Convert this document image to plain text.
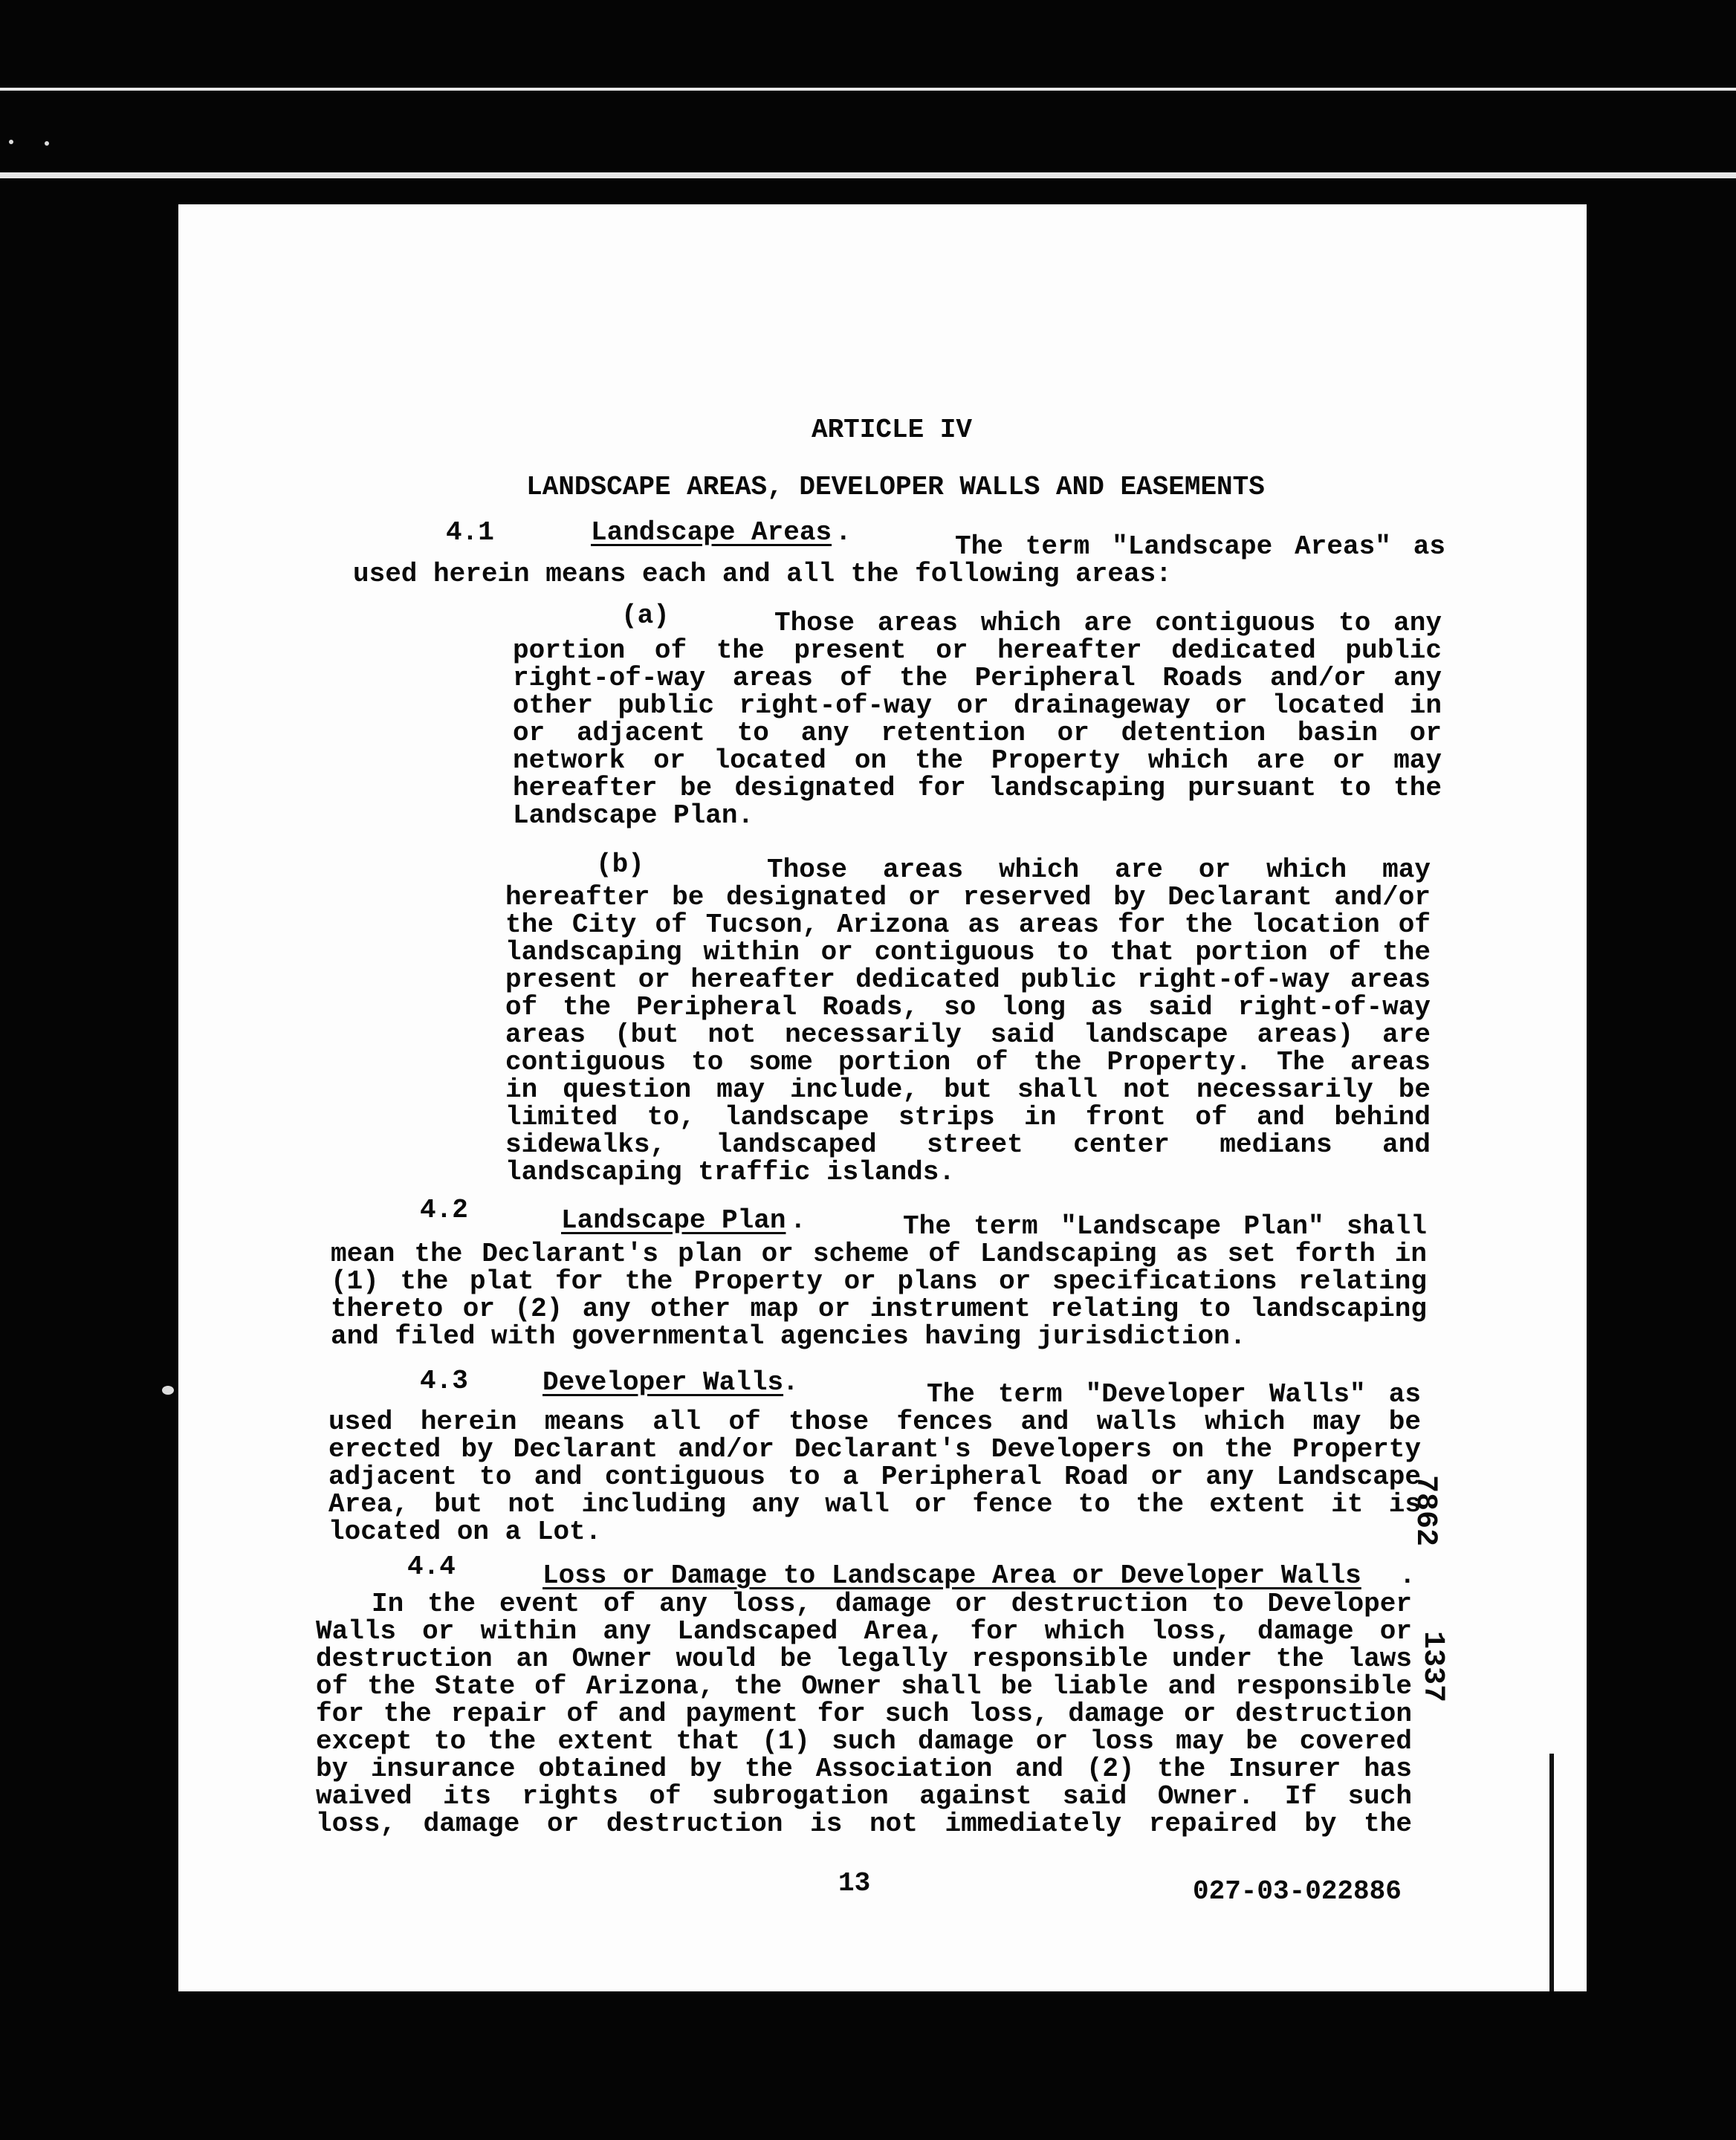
ARTICLE IV
LANDSCAPE AREAS, DEVELOPER WALLS AND EASEMENTS
4.1	Landscape Areas .	The term "Landscape Areas" as
used herein means each and all the following areas:
(a)	Those areas which are contiguous to any
portion of the present or hereafter dedicated public
right-of-way areas of the Peripheral Roads and/or any
other public right-of-way or drainageway or located in
or adjacent to any retention or detention basin or
network or located on the Property which are or may
hereafter be designated for landscaping pursuant to the
Landscape Plan.
(b)	Those areas which are or which may
hereafter be designated or reserved by Declarant and/or
the City of Tucson, Arizona as areas for the location of
landscaping within or contiguous to that portion of the
present or hereafter dedicated public right-of-way areas
of the Peripheral Roads, so long as said right-of-way
areas (but not necessarily said landscape areas) are
contiguous to some portion of the Property. The areas
in question may include, but shall not necessarily be
limited to, landscape strips in front of and behind
sidewalks, landscaped street center medians and
landscaping traffic islands.
4.2	Landscape Plan .	The term "Landscape Plan" shall
mean the Declarant's plan or scheme of Landscaping as set forth in
(1) the plat for the Property or plans or specifications relating
thereto or (2) any other map or instrument relating to landscaping
and filed with governmental agencies having jurisdiction.
4.3	Developer Walls
.	The term "Developer Walls" as
used herein means all of those fences and walls which may be
erected by Declarant and/or Declarant's Developers on the Property
adjacent to and contiguous to a Peripheral Road or any Landscape
Area, but not including any wall or fence to the extent it is
located on a Lot.
4.4	Loss or Damage to Landscape Area or Developer Walls .
In the event of any loss, damage or destruction to Developer
Walls or within any Landscaped Area, for which loss, damage or
destruction an Owner would be legally responsible under the laws
of the State of Arizona, the Owner shall be liable and responsible
for the repair of and payment for such loss, damage or destruction
except to the extent that (1) such damage or loss may be covered
by insurance obtained by the Association and (2) the Insurer has
waived its rights of subrogation against said Owner. If such
loss, damage or destruction is not immediately repaired by the
7862
1337
13	027-03-022886
